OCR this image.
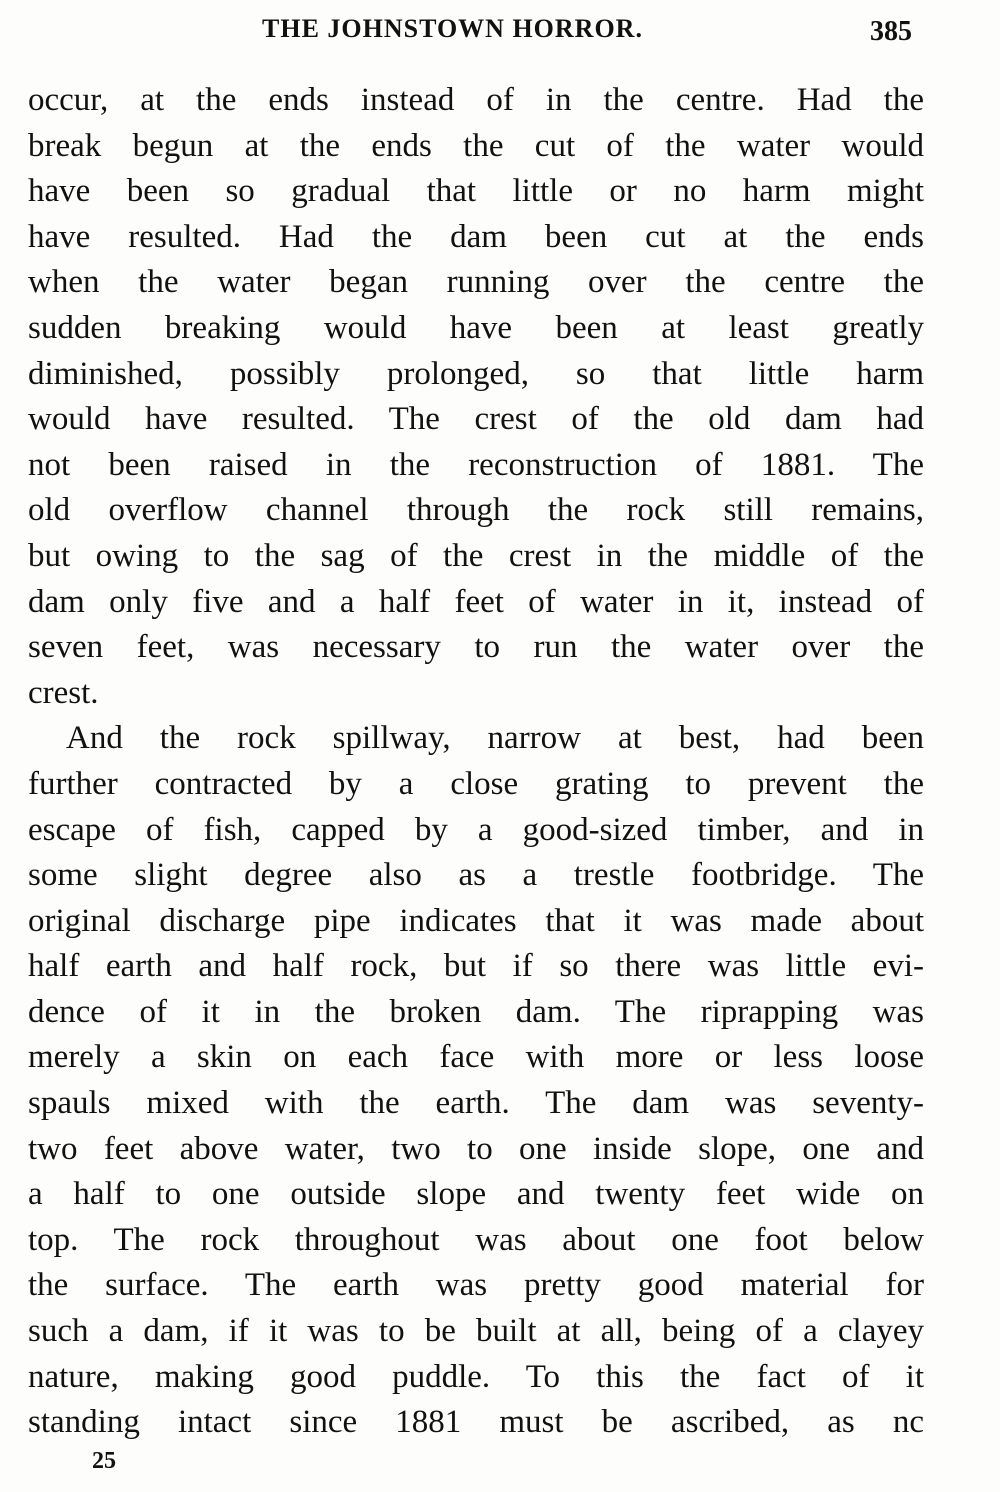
THE JOHNSTOWN HORROR.	385
occur, at the ends instead of in the centre. Had the
break begun at the ends the cut of the water would
have been so gradual that little or no harm might
have resulted. Had the dam been cut at the ends
when the water began running over the centre the
sudden breaking would have been at least greatly
diminished, possibly prolonged, so that little harm
would have resulted. The crest of the old dam had
not been raised in the reconstruction of 1881. The
old overflow channel through the rock still remains,
but owing to the sag of the crest in the middle of the
dam only five and a half feet of water in it, instead of
seven feet, was necessary to run the water over the
crest.
And the rock spillway, narrow at best, had been
further contracted by a close grating to prevent the
escape of fish, capped by a good-sized timber, and in
some slight degree also as a trestle footbridge. The
original discharge pipe indicates that it was made about
half earth and half rock, but if so there was little evi-
dence of it in the broken dam. The riprapping was
merely a skin on each face with more or less loose
spauls mixed with the earth. The dam was seventy-
two feet above water, two to one inside slope, one and
a half to one outside slope and twenty feet wide on
top. The rock throughout was about one foot below
the surface. The earth was pretty good material for
such a dam, if it was to be built at all, being of a clayey
nature, making good puddle. To this the fact of it
standing intact since 1881 must be ascribed, as nc
25
